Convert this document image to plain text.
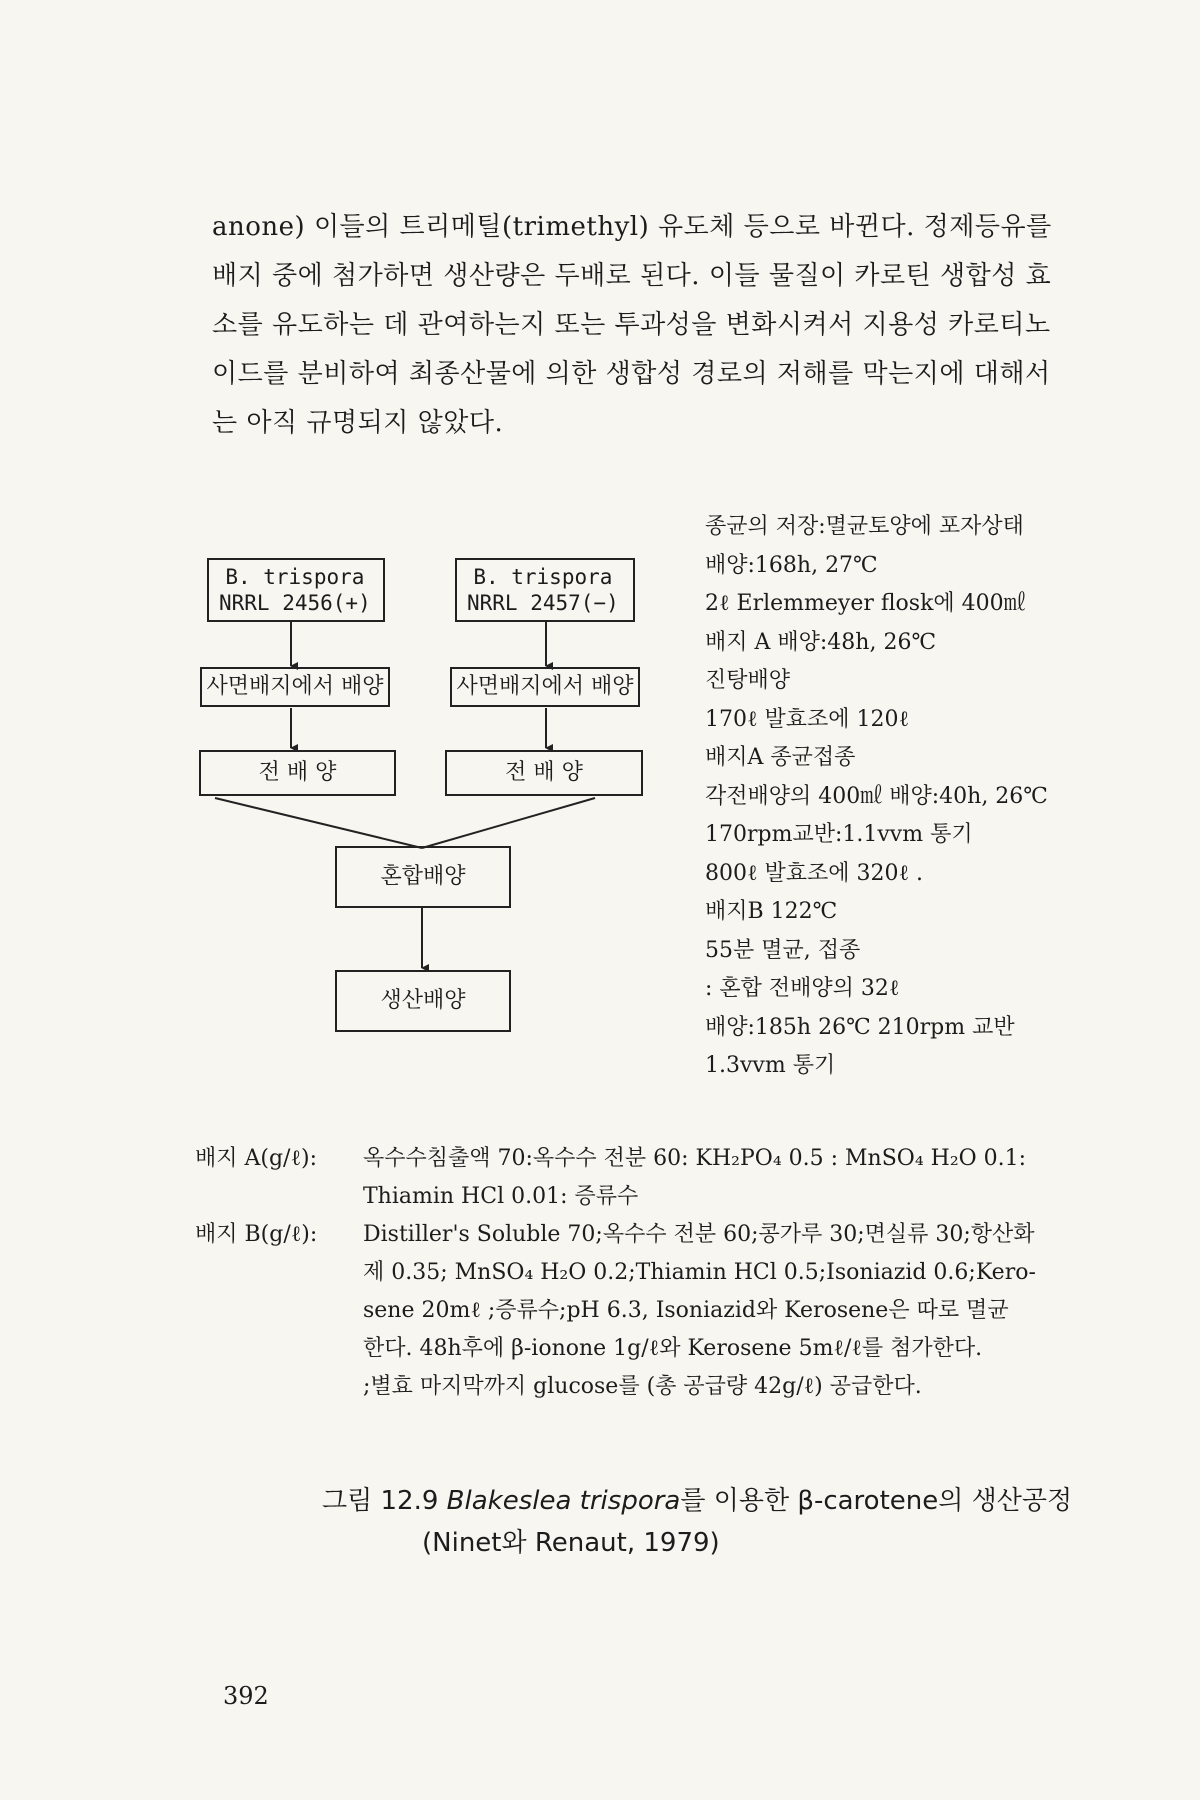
anone) 이들의 트리메틸(trimethyl) 유도체 등으로 바뀐다. 정제등유를

배지 중에 첨가하면 생산량은 두배로 된다. 이들 물질이 카로틴 생합성 효

소를 유도하는 데 관여하는지 또는 투과성을 변화시켜서 지용성 카로티노

이드를 분비하여 최종산물에 의한 생합성 경로의 저해를 막는지에 대해서

는 아직 규명되지 않았다.

B. trispora
NRRL 2456(+)
B. trispora
NRRL 2457(−)
사면배지에서 배양	사면배지에서 배양
전 배 양	전 배 양
혼합배양
생산배양
종균의 저장:멸균토양에 포자상태
배양:168h, 27℃
2ℓ Erlemmeyer flosk에 400㎖
배지 A 배양:48h, 26℃
진탕배양
170ℓ 발효조에 120ℓ
배지A 종균접종
각전배양의 400㎖ 배양:40h, 26℃
170rpm교반:1.1vvm 통기
800ℓ 발효조에 320ℓ .
배지B 122℃
55분 멸균, 접종
: 혼합 전배양의 32ℓ
배양:185h 26℃ 210rpm 교반
1.3vvm 통기
배지 A(g/ℓ): 옥수수침출액 70:옥수수 전분 60: KH₂PO₄ 0.5 : MnSO₄ H₂O 0.1:
Thiamin HCl 0.01: 증류수
배지 B(g/ℓ): Distiller's Soluble 70;옥수수 전분 60;콩가루 30;면실류 30;항산화
제 0.35; MnSO₄ H₂O 0.2;Thiamin HCl 0.5;Isoniazid 0.6;Kero-
sene 20mℓ ;증류수;pH 6.3, Isoniazid와 Kerosene은 따로 멸균
한다. 48h후에 β-ionone 1g/ℓ와 Kerosene 5mℓ/ℓ를 첨가한다.
;별효 마지막까지 glucose를 (총 공급량 42g/ℓ) 공급한다.
그림 12.9 Blakeslea trispora를 이용한 β-carotene의 생산공정
(Ninet와 Renaut, 1979)
392
